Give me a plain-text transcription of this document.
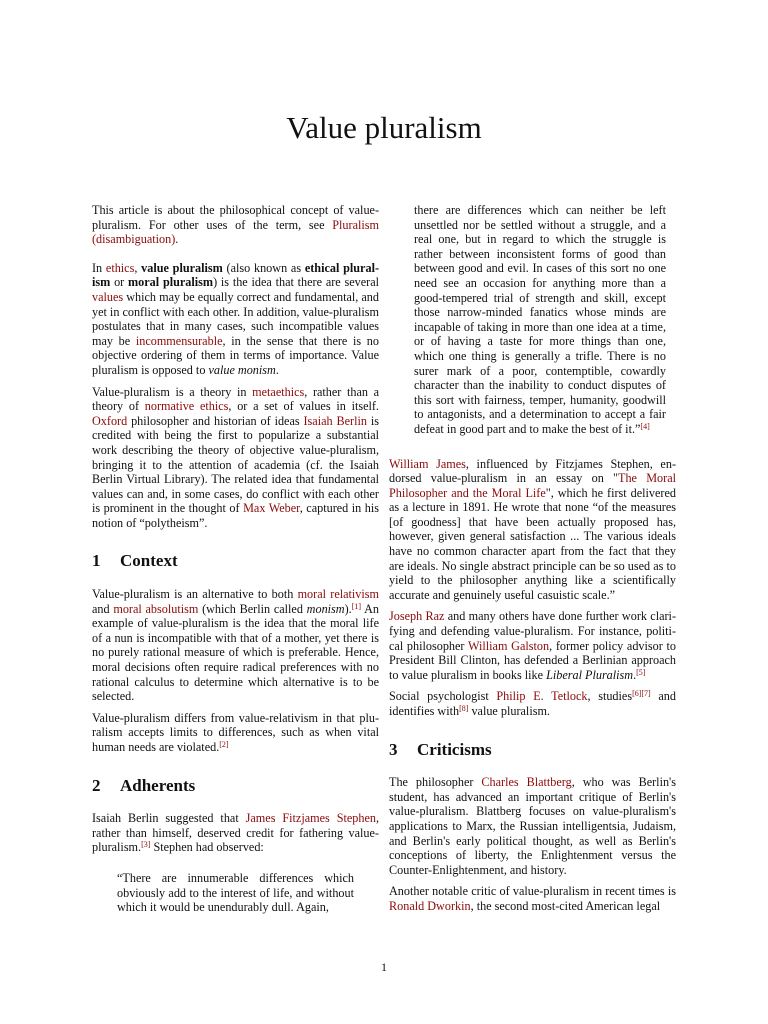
Value pluralism

This article is about the philosophical concept of value-pluralism. For other uses of the term, see Pluralism (disambiguation).

In ethics, value pluralism (also known as ethical pluralism or moral pluralism) is the idea that there are several values which may be equally correct and fundamental, and yet in conflict with each other. In addition, value-pluralism postulates that in many cases, such incompatible values may be incommensurable, in the sense that there is no objective ordering of them in terms of importance. Value pluralism is opposed to value monism.

Value-pluralism is a theory in metaethics, rather than a theory of normative ethics, or a set of values in itself. Oxford philosopher and historian of ideas Isaiah Berlin is credited with being the first to popularize a substantial work describing the theory of objective value-pluralism, bringing it to the attention of academia (cf. the Isaiah Berlin Virtual Library). The related idea that fundamental values can and, in some cases, do conflict with each other is prominent in the thought of Max Weber, captured in his notion of “polytheism”.

1 Context

Value-pluralism is an alternative to both moral relativism and moral absolutism (which Berlin called monism).[1] An example of value-pluralism is the idea that the moral life of a nun is incompatible with that of a mother, yet there is no purely rational measure of which is preferable. Hence, moral decisions often require radical preferences with no rational calculus to determine which alternative is to be selected.

Value-pluralism differs from value-relativism in that pluralism accepts limits to differences, such as when vital human needs are violated.[2]

2 Adherents

Isaiah Berlin suggested that James Fitzjames Stephen, rather than himself, deserved credit for fathering value-pluralism.[3] Stephen had observed:

“There are innumerable differences which obviously add to the interest of life, and without which it would be unendurably dull. Again,

there are differences which can neither be left unsettled nor be settled without a struggle, and a real one, but in regard to which the struggle is rather between inconsistent forms of good than between good and evil. In cases of this sort no one need see an occasion for anything more than a good-tempered trial of strength and skill, except those narrow-minded fanatics whose minds are incapable of taking in more than one idea at a time, or of having a taste for more things than one, which one thing is generally a trifle. There is no surer mark of a poor, contemptible, cowardly character than the inability to conduct disputes of this sort with fairness, temper, humanity, goodwill to antagonists, and a determination to accept a fair defeat in good part and to make the best of it.”[4]

William James, influenced by Fitzjames Stephen, endorsed value-pluralism in an essay on "The Moral Philosopher and the Moral Life", which he first delivered as a lecture in 1891. He wrote that none “of the measures [of goodness] that have been actually proposed has, however, given general satisfaction ... The various ideals have no common character apart from the fact that they are ideals. No single abstract principle can be so used as to yield to the philosopher anything like a scientifically accurate and genuinely useful casuistic scale.”

Joseph Raz and many others have done further work clarifying and defending value-pluralism. For instance, political philosopher William Galston, former policy advisor to President Bill Clinton, has defended a Berlinian approach to value pluralism in books like Liberal Pluralism.[5]

Social psychologist Philip E. Tetlock, studies[6][7] and identifies with[8] value pluralism.

3 Criticisms

The philosopher Charles Blattberg, who was Berlin's student, has advanced an important critique of Berlin's value-pluralism. Blattberg focuses on value-pluralism's applications to Marx, the Russian intelligentsia, Judaism, and Berlin's early political thought, as well as Berlin's conceptions of liberty, the Enlightenment versus the Counter-Enlightenment, and history.

Another notable critic of value-pluralism in recent times is Ronald Dworkin, the second most-cited American legal

1
